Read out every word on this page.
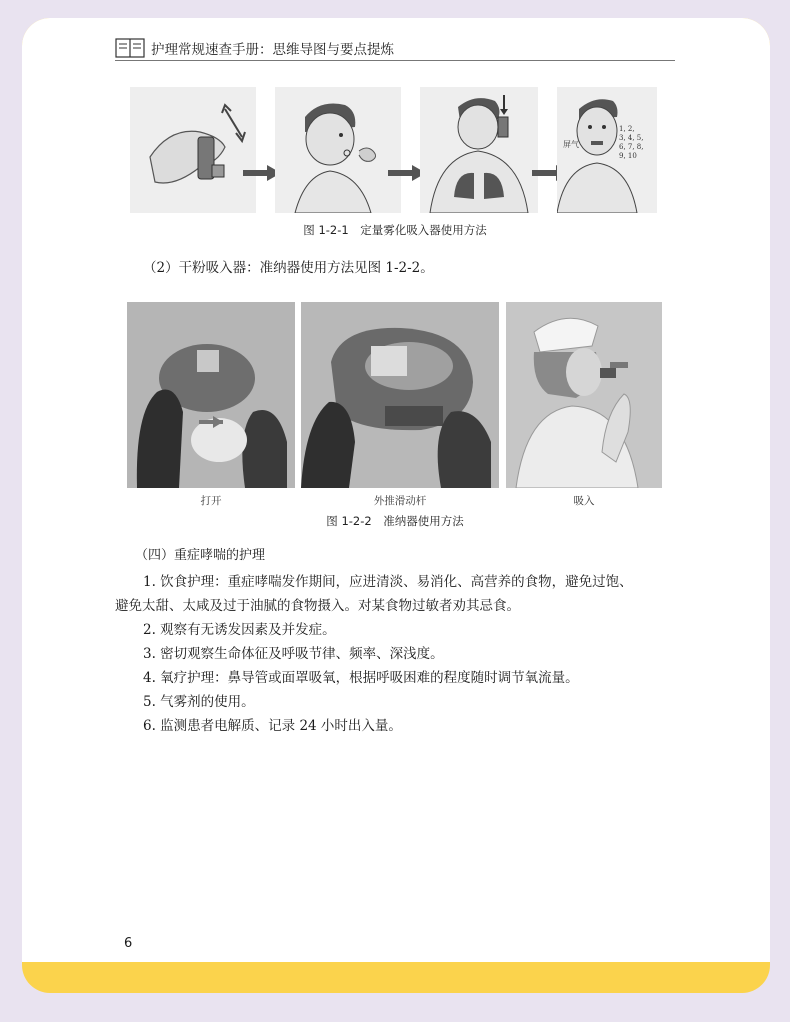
护理常规速查手册：思维导图与要点提炼
1, 2,
3, 4, 5,
6, 7, 8,
9, 10
屏气
图 1-2-1　定量雾化吸入器使用方法

（2）干粉吸入器：准纳器使用方法见图 1-2-2。

打开	外推滑动杆	吸入
图 1-2-2　准纳器使用方法

（四）重症哮喘的护理

1. 饮食护理：重症哮喘发作期间，应进清淡、易消化、高营养的食物，避免过饱、

避免太甜、太咸及过于油腻的食物摄入。对某食物过敏者劝其忌食。

2. 观察有无诱发因素及并发症。

3. 密切观察生命体征及呼吸节律、频率、深浅度。

4. 氧疗护理：鼻导管或面罩吸氧，根据呼吸困难的程度随时调节氧流量。

5. 气雾剂的使用。

6. 监测患者电解质、记录 24 小时出入量。

6
